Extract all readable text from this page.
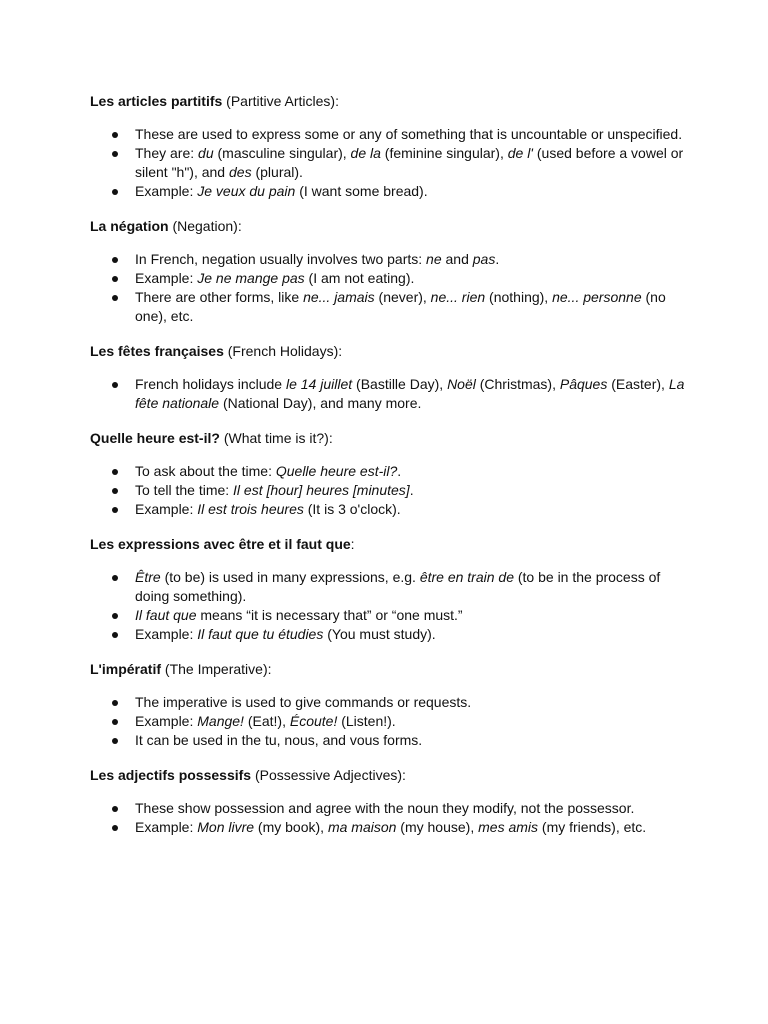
Les articles partitifs (Partitive Articles):
These are used to express some or any of something that is uncountable or unspecified.
They are: du (masculine singular), de la (feminine singular), de l' (used before a vowel or silent "h"), and des (plural).
Example: Je veux du pain (I want some bread).
La négation (Negation):
In French, negation usually involves two parts: ne and pas.
Example: Je ne mange pas (I am not eating).
There are other forms, like ne... jamais (never), ne... rien (nothing), ne... personne (no one), etc.
Les fêtes françaises (French Holidays):
French holidays include le 14 juillet (Bastille Day), Noël (Christmas), Pâques (Easter), La fête nationale (National Day), and many more.
Quelle heure est-il? (What time is it?):
To ask about the time: Quelle heure est-il?.
To tell the time: Il est [hour] heures [minutes].
Example: Il est trois heures (It is 3 o'clock).
Les expressions avec être et il faut que:
Être (to be) is used in many expressions, e.g. être en train de (to be in the process of doing something).
Il faut que means “it is necessary that” or “one must.”
Example: Il faut que tu étudies (You must study).
L'impératif (The Imperative):
The imperative is used to give commands or requests.
Example: Mange! (Eat!), Écoute! (Listen!).
It can be used in the tu, nous, and vous forms.
Les adjectifs possessifs (Possessive Adjectives):
These show possession and agree with the noun they modify, not the possessor.
Example: Mon livre (my book), ma maison (my house), mes amis (my friends), etc.
